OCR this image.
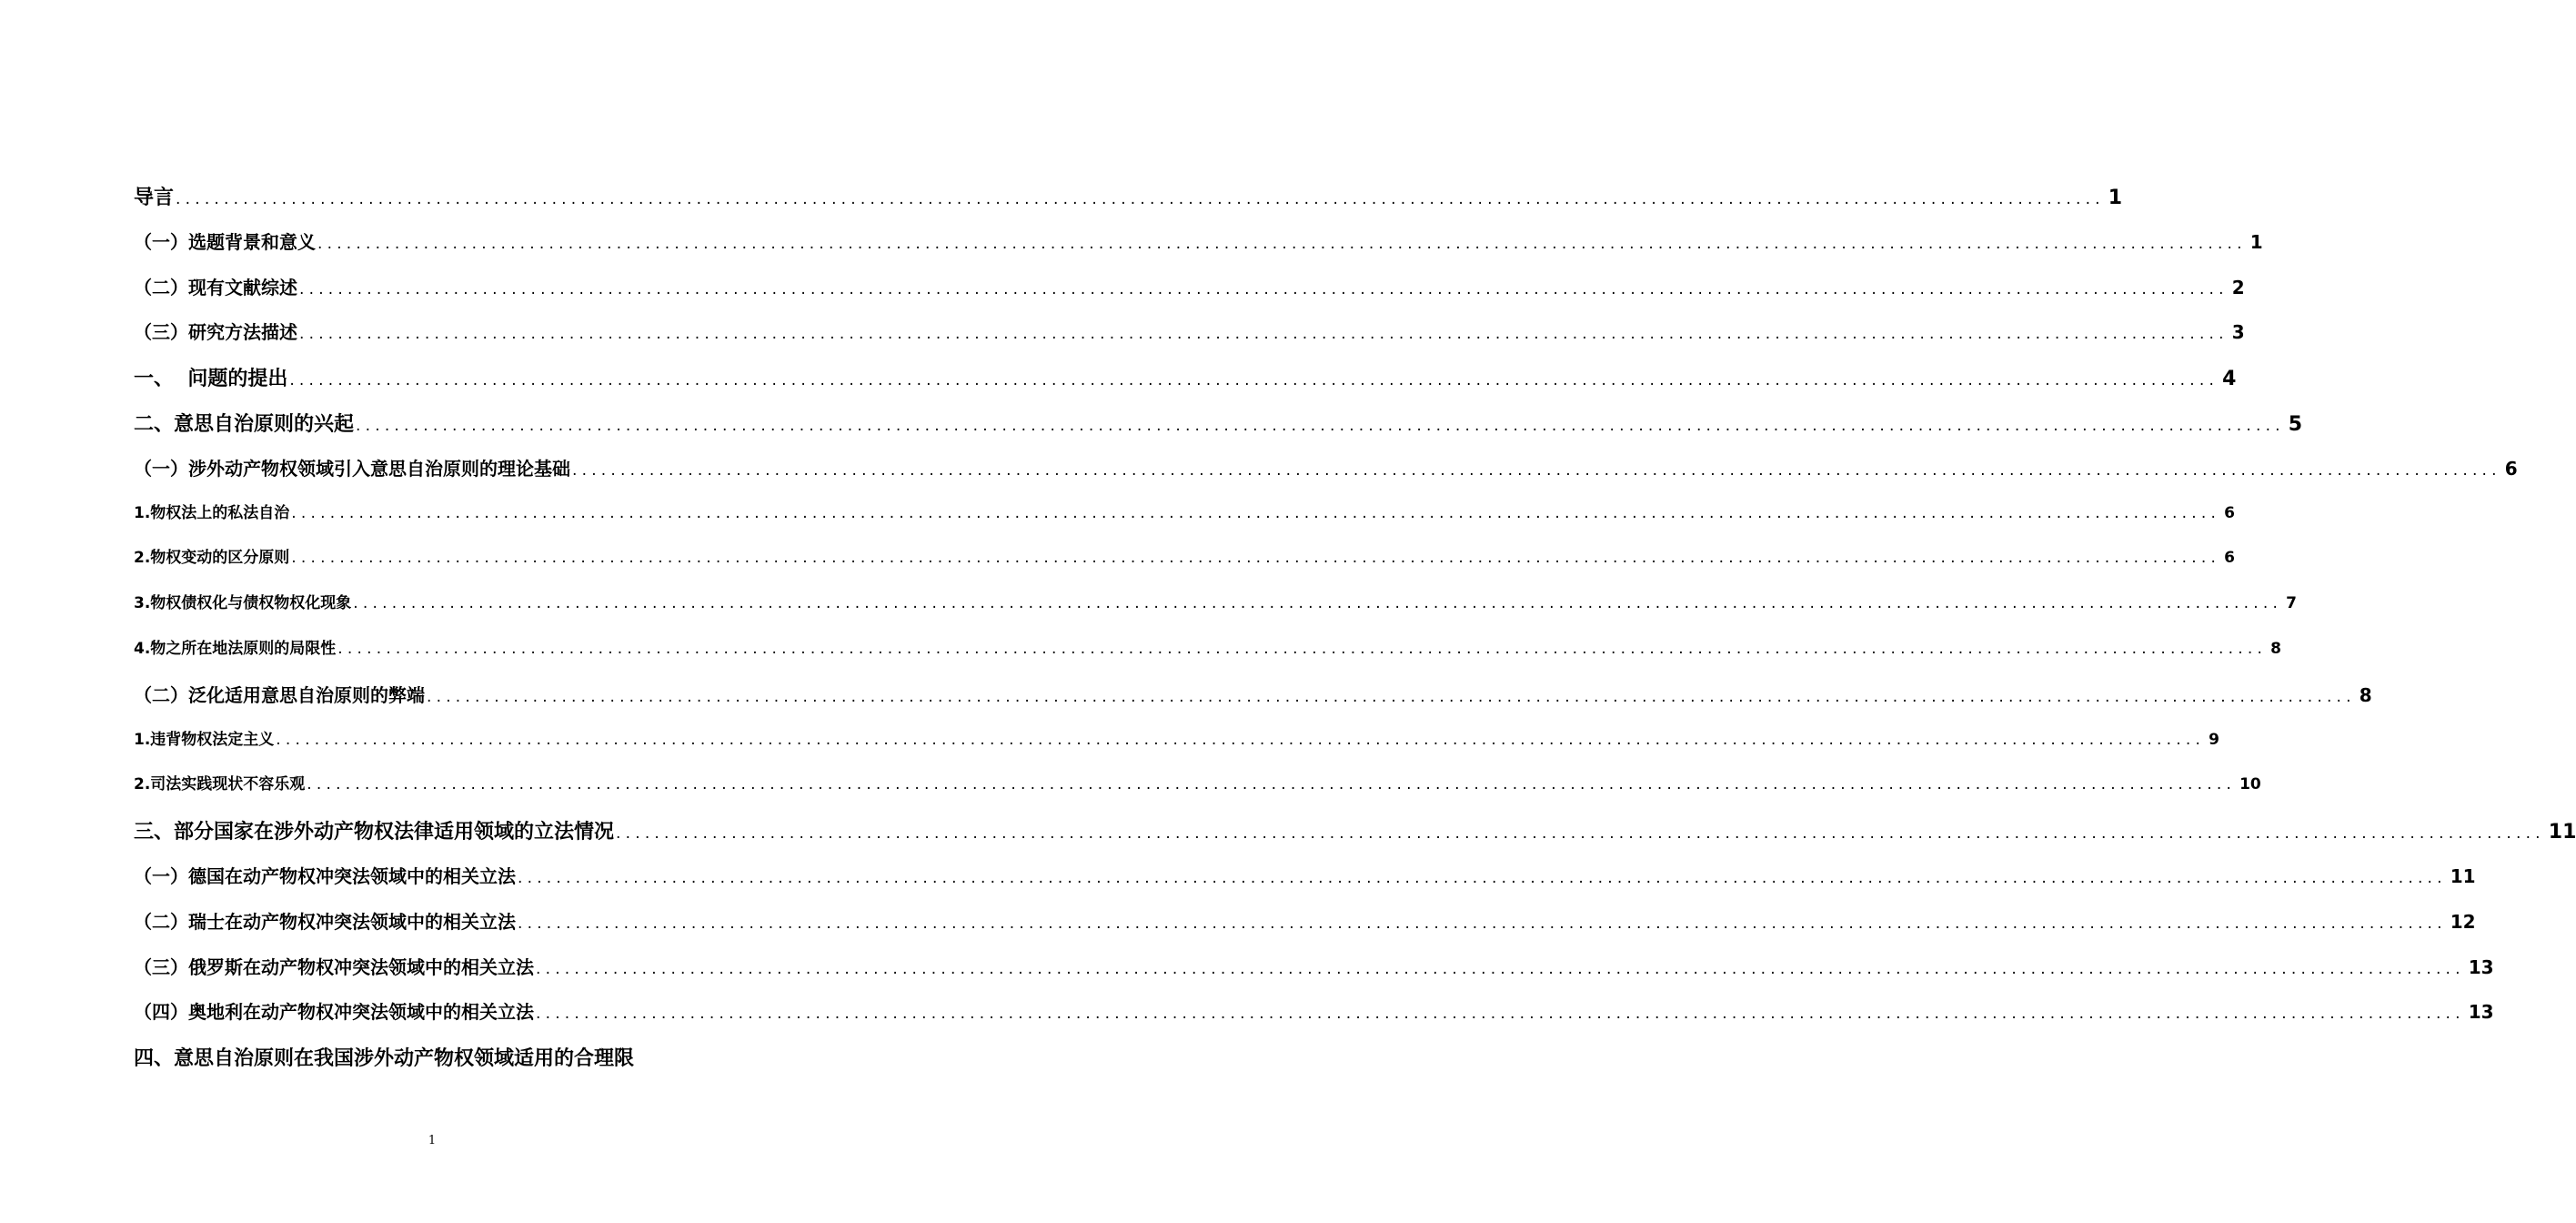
导言 ........................................................................................................................................................................................................ 1
（一）选题背景和意义 ........................................................................................................................................................................................................ 1
（二）现有文献综述 ........................................................................................................................................................................................................ 2
（三）研究方法描述 ........................................................................................................................................................................................................ 3
一、  问题的提出 ........................................................................................................................................................................................................ 4
二、意思自治原则的兴起 ........................................................................................................................................................................................................ 5
（一）涉外动产物权领域引入意思自治原则的理论基础 ........................................................................................................................................................................................................ 6
1.物权法上的私法自治 ........................................................................................................................................................................................................ 6
2.物权变动的区分原则 ........................................................................................................................................................................................................ 6
3.物权债权化与债权物权化现象 ........................................................................................................................................................................................................ 7
4.物之所在地法原则的局限性 ........................................................................................................................................................................................................ 8
（二）泛化适用意思自治原则的弊端 ........................................................................................................................................................................................................ 8
1.违背物权法定主义 ........................................................................................................................................................................................................ 9
2.司法实践现状不容乐观 ........................................................................................................................................................................................................ 10
三、部分国家在涉外动产物权法律适用领域的立法情况 ........................................................................................................................................................................................................ 11
（一）德国在动产物权冲突法领域中的相关立法 ........................................................................................................................................................................................................ 11
（二）瑞士在动产物权冲突法领域中的相关立法 ........................................................................................................................................................................................................ 12
（三）俄罗斯在动产物权冲突法领域中的相关立法 ........................................................................................................................................................................................................ 13
（四）奥地利在动产物权冲突法领域中的相关立法 ........................................................................................................................................................................................................ 13
四、意思自治原则在我国涉外动产物权领域适用的合理限
1
